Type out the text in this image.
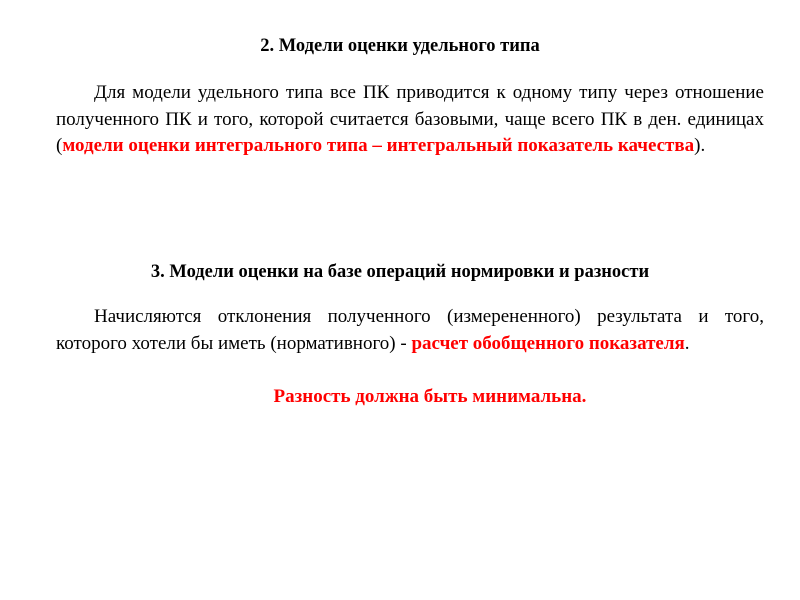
2. Модели оценки удельного типа
Для модели удельного типа все ПК приводится к одному типу через отношение полученного ПК и того, которой считается базовыми, чаще всего ПК в ден. единицах (модели оценки интегрального типа – интегральный показатель качества).
3. Модели оценки на базе операций нормировки и разности
Начисляются отклонения полученного (измерененного) результата и того, которого хотели бы иметь (нормативного) - расчет обобщенного показателя.
Разность должна быть минимальна.
